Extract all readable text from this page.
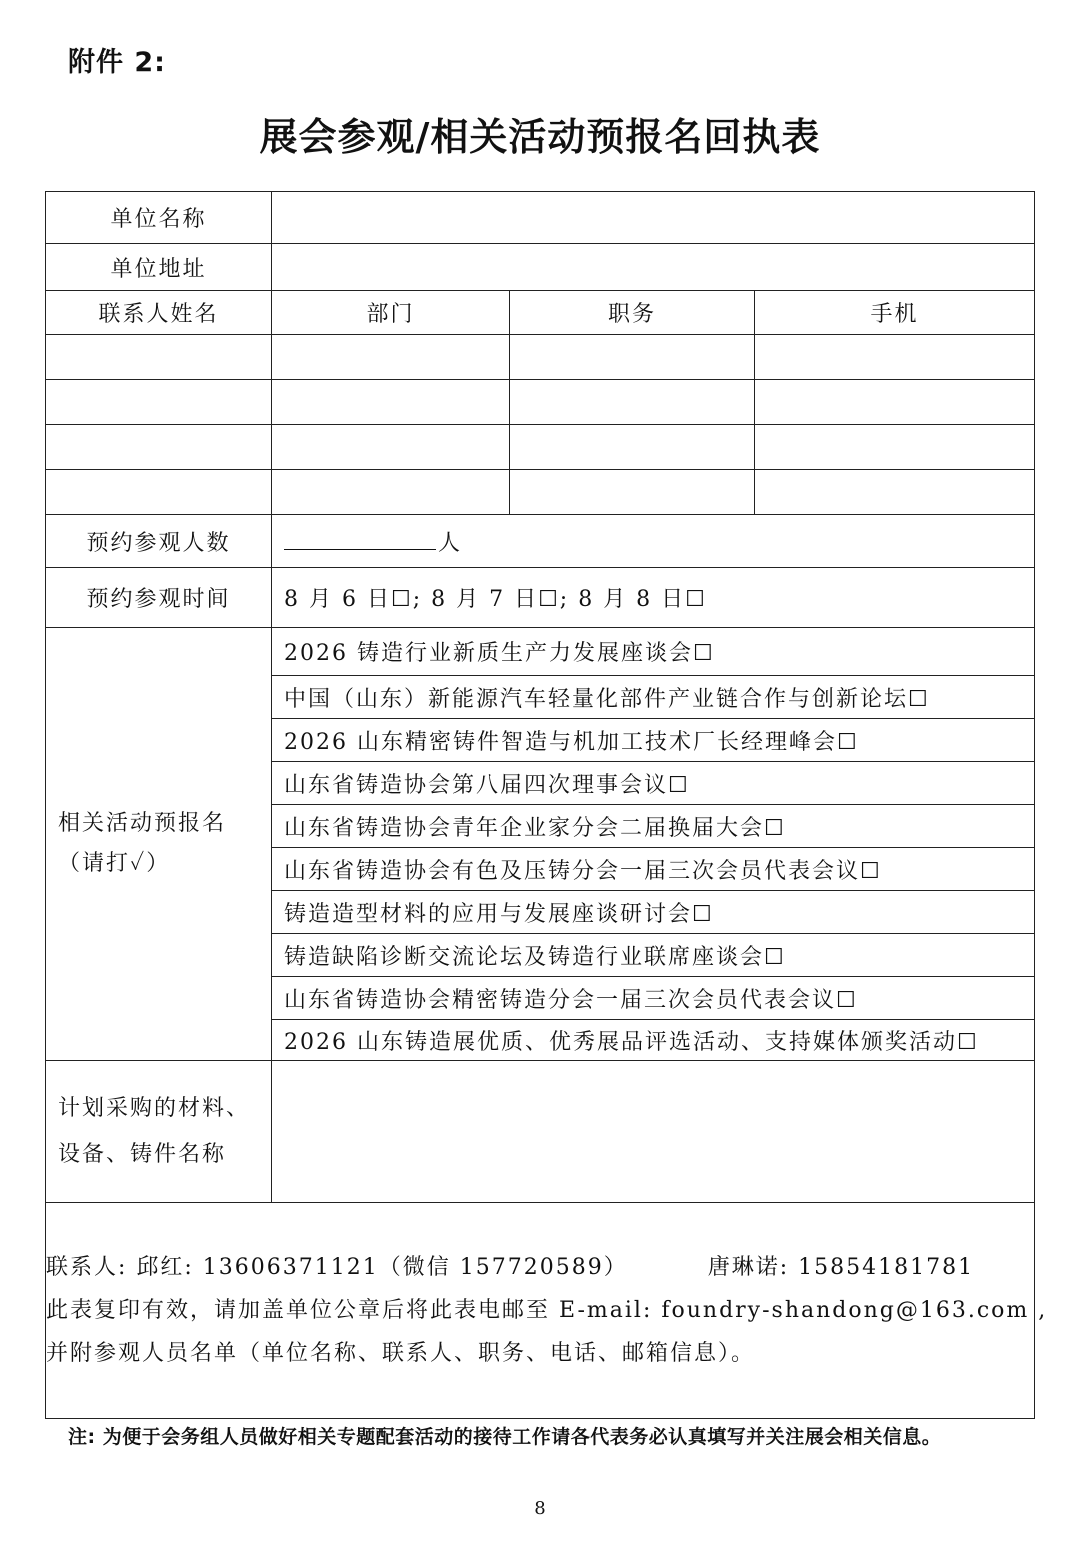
附件 2:
展会参观/相关活动预报名回执表
单位名称			
单位地址			
联系人姓名	部门	职务	手机

预约参观人数	人		
预约参观时间	8 月 6 日☐; 8 月 7 日☐; 8 月 8 日☐		

相关活动预报名
（请打✓）	2026 铸造行业新质生产力发展座谈会☐		
	中国（山东）新能源汽车轻量化部件产业链合作与创新论坛☐		
	2026 山东精密铸件智造与机加工技术厂长经理峰会☐		
	山东省铸造协会第八届四次理事会议☐		
	山东省铸造协会青年企业家分会二届换届大会☐		
	山东省铸造协会有色及压铸分会一届三次会员代表会议☐		
	铸造造型材料的应用与发展座谈研讨会☐		
	铸造缺陷诊断交流论坛及铸造行业联席座谈会☐		
	山东省铸造协会精密铸造分会一届三次会员代表会议☐		
	2026 山东铸造展优质、优秀展品评选活动、支持媒体颁奖活动☐		

计划采购的材料、
设备、铸件名称			

联系人: 邱红: 13606371121（微信 157720589） 唐琳诺: 15854181781
此表复印有效，请加盖单位公章后将此表电邮至 E-mail: foundry-shandong@163.com ,
并附参观人员名单（单位名称、联系人、职务、电话、邮箱信息）。			
注: 为便于会务组人员做好相关专题配套活动的接待工作请各代表务必认真填写并关注展会相关信息。
8
